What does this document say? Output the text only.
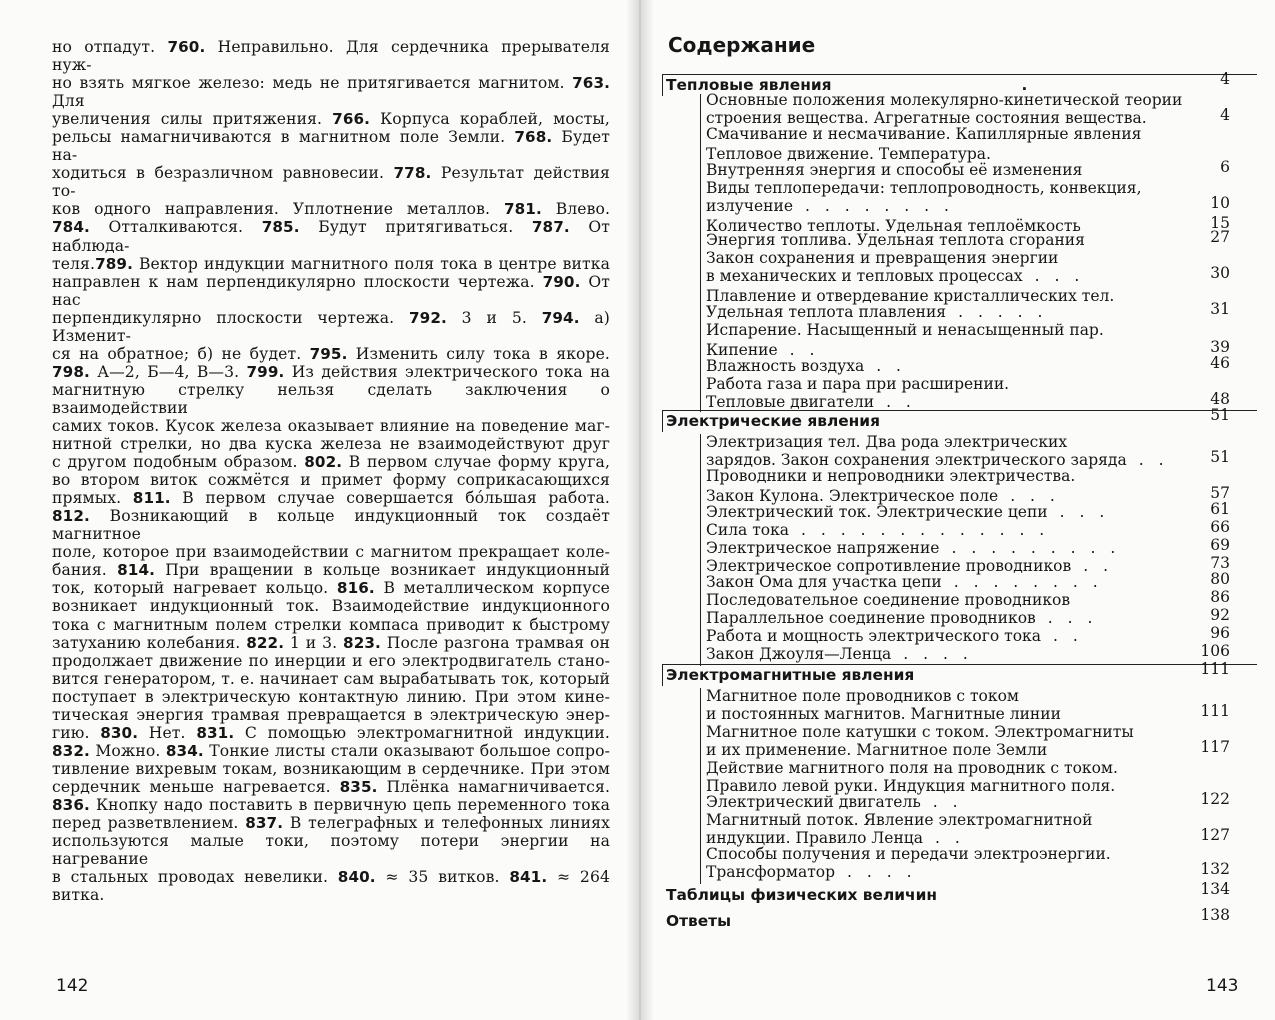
но отпадут. 760. Неправильно. Для сердечника прерывателя нуж-
но взять мягкое железо: медь не притягивается магнитом. 763. Для
увеличения силы притяжения. 766. Корпуса кораблей, мосты,
рельсы намагничиваются в магнитном поле Земли. 768. Будет на-
ходиться в безразличном равновесии. 778. Результат действия то-
ков одного направления. Уплотнение металлов. 781. Влево.
784. Отталкиваются. 785. Будут притягиваться. 787. От наблюда-
теля.789. Вектор индукции магнитного поля тока в центре витка
направлен к нам перпендикулярно плоскости чертежа. 790. От нас
перпендикулярно плоскости чертежа. 792. 3 и 5. 794. а) Изменит-
ся на обратное; б) не будет. 795. Изменить силу тока в якоре.
798. А—2, Б—4, В—3. 799. Из действия электрического тока на
магнитную стрелку нельзя сделать заключения о взаимодействии
самих токов. Кусок железа оказывает влияние на поведение маг-
нитной стрелки, но два куска железа не взаимодействуют друг
с другом подобным образом. 802. В первом случае форму круга,
во втором виток сожмётся и примет форму соприкасающихся
прямых. 811. В первом случае совершается бóльшая работа.
812. Возникающий в кольце индукционный ток создаёт магнитное
поле, которое при взаимодействии с магнитом прекращает коле-
бания. 814. При вращении в кольце возникает индукционный
ток, который нагревает кольцо. 816. В металлическом корпусе
возникает индукционный ток. Взаимодействие индукционного
тока с магнитным полем стрелки компаса приводит к быстрому
затуханию колебания. 822. 1 и 3. 823. После разгона трамвая он
продолжает движение по инерции и его электродвигатель стано-
вится генератором, т. е. начинает сам вырабатывать ток, который
поступает в электрическую контактную линию. При этом кине-
тическая энергия трамвая превращается в электрическую энер-
гию. 830. Нет. 831. С помощью электромагнитной индукции.
832. Можно. 834. Тонкие листы стали оказывают большое сопро-
тивление вихревым токам, возникающим в сердечнике. При этом
сердечник меньше нагревается. 835. Плёнка намагничивается.
836. Кнопку надо поставить в первичную цепь переменного тока
перед разветвлением. 837. В телеграфных и телефонных линиях
используются малые токи, поэтому потери энергии на нагревание
в стальных проводах невелики. 840. ≈ 35 витков. 841. ≈ 264 витка.
142
Содержание
Тепловые явления	.	4
Основные положения молекулярно-кинетической теории
строения вещества. Агрегатные состояния вещества.	4
Смачивание и несмачивание. Капиллярные явления
Тепловое движение. Температура.
Внутренняя энергия и способы её изменения	6
Виды теплопередачи: теплопроводность, конвекция,
излучение . . . . . . . .	10
Количество теплоты. Удельная теплоёмкость	15
Энергия топлива. Удельная теплота сгорания	27
Закон сохранения и превращения энергии
в механических и тепловых процессах . . .	30
Плавление и отвердевание кристаллических тел.
Удельная теплота плавления . . . . .	31
Испарение. Насыщенный и ненасыщенный пар.
Кипение . .	39
Влажность воздуха . .	46
Работа газа и пара при расширении.
Тепловые двигатели . .	48
Электрические явления	51
Электризация тел. Два рода электрических
зарядов. Закон сохранения электрического заряда . .	51
Проводники и непроводники электричества.
Закон Кулона. Электрическое поле . . .	57
Электрический ток. Электрические цепи . . .	61
Сила тока . . . . . . . . . . . . .	66
Электрическое напряжение . . . . . . . . .	69
Электрическое сопротивление проводников . .	73
Закон Ома для участка цепи . . . . . . . .	80
Последовательное соединение проводников	86
Параллельное соединение проводников . . .	92
Работа и мощность электрического тока . .	96
Закон Джоуля—Ленца . . . .	106
Электромагнитные явления	111
Магнитное поле проводников с током
и постоянных магнитов. Магнитные линии	111
Магнитное поле катушки с током. Электромагниты
и их применение. Магнитное поле Земли	117
Действие магнитного поля на проводник с током.
Правило левой руки. Индукция магнитного поля.
Электрический двигатель . .	122
Магнитный поток. Явление электромагнитной
индукции. Правило Ленца . .	127
Способы получения и передачи электроэнергии.
Трансформатор . . . .	132
Таблицы физических величин	134
Ответы	138
143
